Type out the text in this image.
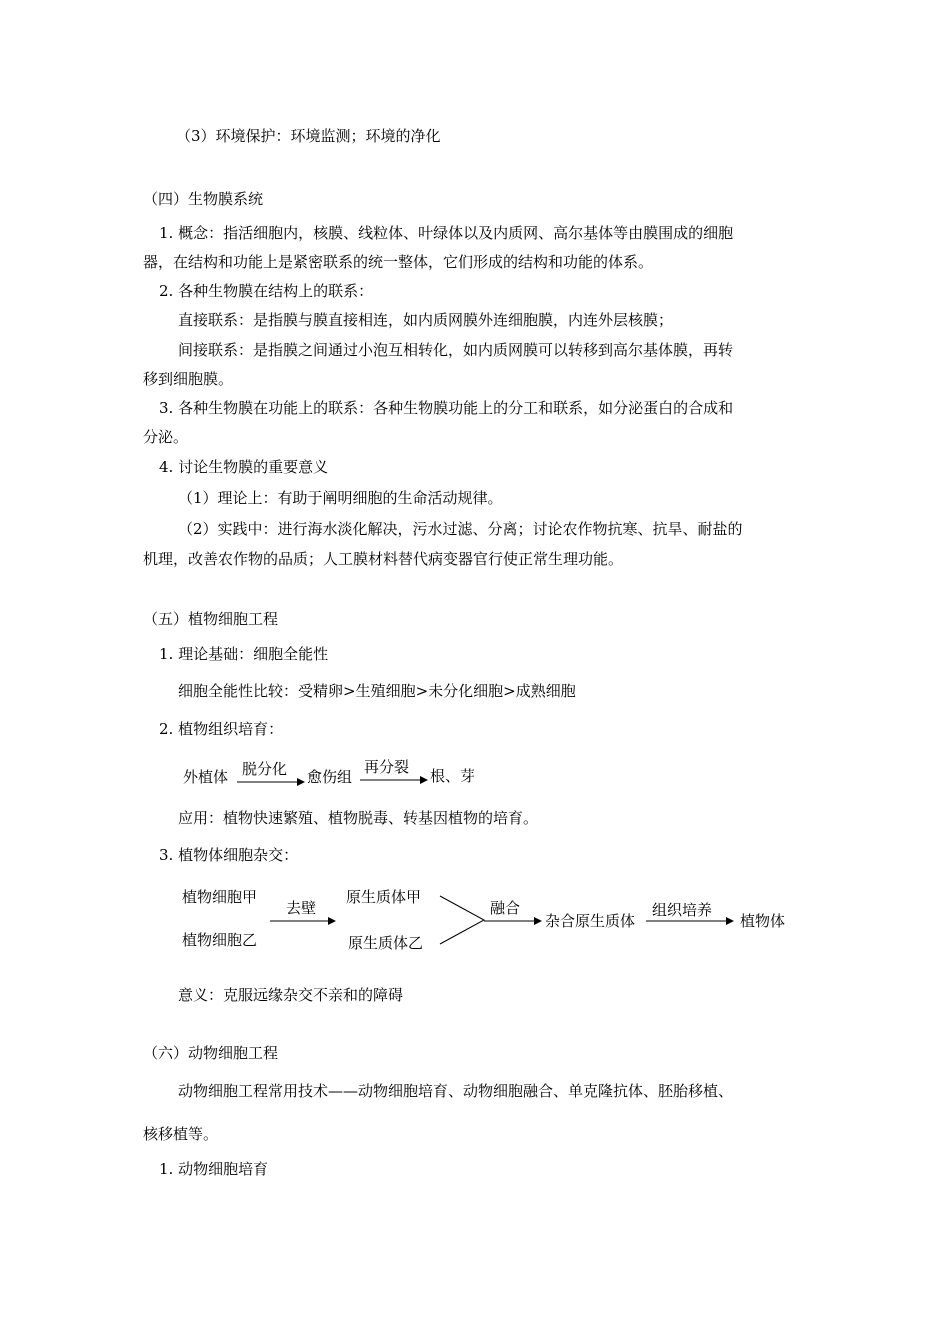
（3）环境保护：环境监测；环境的净化
（四）生物膜系统
1. 概念：指活细胞内，核膜、线粒体、叶绿体以及内质网、高尔基体等由膜围成的细胞
器，在结构和功能上是紧密联系的统一整体，它们形成的结构和功能的体系。
2. 各种生物膜在结构上的联系：
直接联系：是指膜与膜直接相连，如内质网膜外连细胞膜，内连外层核膜；
间接联系：是指膜之间通过小泡互相转化，如内质网膜可以转移到高尔基体膜，再转
移到细胞膜。
3. 各种生物膜在功能上的联系：各种生物膜功能上的分工和联系，如分泌蛋白的合成和
分泌。
4. 讨论生物膜的重要意义
（1）理论上：有助于阐明细胞的生命活动规律。
（2）实践中：进行海水淡化解决，污水过滤、分离；讨论农作物抗寒、抗旱、耐盐的
机理，改善农作物的品质；人工膜材料替代病变器官行使正常生理功能。
（五）植物细胞工程
1. 理论基础：细胞全能性
细胞全能性比较：受精卵>生殖细胞>未分化细胞>成熟细胞
2. 植物组织培育：
应用：植物快速繁殖、植物脱毒、转基因植物的培育。
3. 植物体细胞杂交：
意义：克服远缘杂交不亲和的障碍
（六）动物细胞工程
动物细胞工程常用技术——动物细胞培育、动物细胞融合、单克隆抗体、胚胎移植、
核移植等。
1. 动物细胞培育
外植体 脱分化 愈伤组
再分裂 根、芽
植物细胞甲
植物细胞乙
去壁
原生质体甲
原生质体乙
融合
杂合原生质体
组织培养
植物体
